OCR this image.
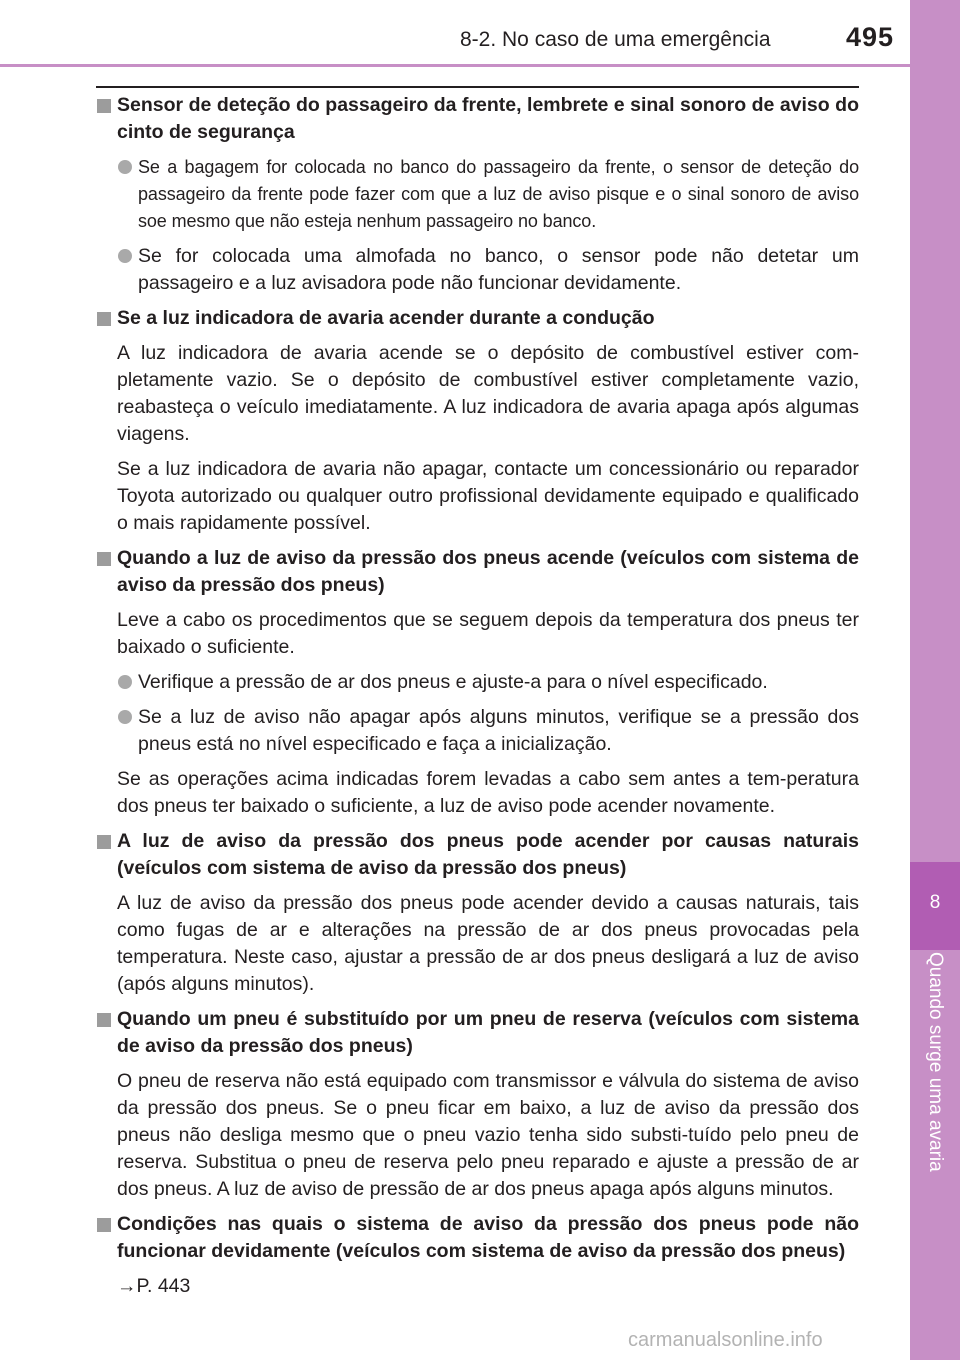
8-2. No caso de uma emergência	495
8
Quando surge uma avaria
Sensor de deteção do passageiro da frente, lembrete e sinal sonoro de aviso do cinto de segurança
Se a bagagem for colocada no banco do passageiro da frente, o sensor de deteção do passageiro da frente pode fazer com que a luz de aviso pisque e o sinal sonoro de aviso soe mesmo que não esteja nenhum passageiro no banco.
Se for colocada uma almofada no banco, o sensor pode não detetar um passageiro e a luz avisadora pode não funcionar devidamente.
Se a luz indicadora de avaria acender durante a condução
A luz indicadora de avaria acende se o depósito de combustível estiver com-pletamente vazio. Se o depósito de combustível estiver completamente vazio, reabasteça o veículo imediatamente. A luz indicadora de avaria apaga após algumas viagens.
Se a luz indicadora de avaria não apagar, contacte um concessionário ou reparador Toyota autorizado ou qualquer outro profissional devidamente equipado e qualificado o mais rapidamente possível.
Quando a luz de aviso da pressão dos pneus acende (veículos com sistema de aviso da pressão dos pneus)
Leve a cabo os procedimentos que se seguem depois da temperatura dos pneus ter baixado o suficiente.
Verifique a pressão de ar dos pneus e ajuste-a para o nível especificado.
Se a luz de aviso não apagar após alguns minutos, verifique se a pressão dos pneus está no nível especificado e faça a inicialização.
Se as operações acima indicadas forem levadas a cabo sem antes a tem-peratura dos pneus ter baixado o suficiente, a luz de aviso pode acender novamente.
A luz de aviso da pressão dos pneus pode acender por causas naturais (veículos com sistema de aviso da pressão dos pneus)
A luz de aviso da pressão dos pneus pode acender devido a causas naturais, tais como fugas de ar e alterações na pressão de ar dos pneus provocadas pela temperatura. Neste caso, ajustar a pressão de ar dos pneus desligará a luz de aviso (após alguns minutos).
Quando um pneu é substituído por um pneu de reserva (veículos com sistema de aviso da pressão dos pneus)
O pneu de reserva não está equipado com transmissor e válvula do sistema de aviso da pressão dos pneus. Se o pneu ficar em baixo, a luz de aviso da pressão dos pneus não desliga mesmo que o pneu vazio tenha sido substi-tuído pelo pneu de reserva. Substitua o pneu de reserva pelo pneu reparado e ajuste a pressão de ar dos pneus. A luz de aviso de pressão de ar dos pneus apaga após alguns minutos.
Condições nas quais o sistema de aviso da pressão dos pneus pode não funcionar devidamente (veículos com sistema de aviso da pressão dos pneus)
→P. 443
carmanualsonline.info
